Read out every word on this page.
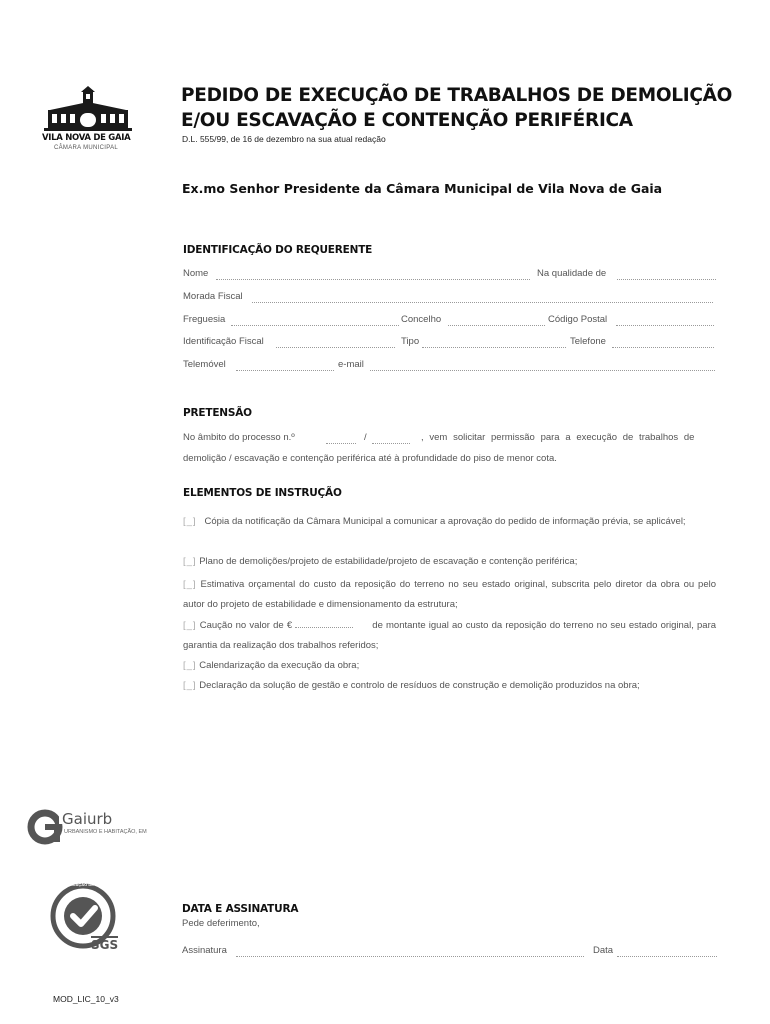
VILA NOVA DE GAIA
CÂMARA MUNICIPAL
PEDIDO DE EXECUÇÃO DE TRABALHOS DE DEMOLIÇÃO
E/OU ESCAVAÇÃO E CONTENÇÃO PERIFÉRICA
D.L. 555/99, de 16 de dezembro na sua atual redação
Ex.mo Senhor Presidente da Câmara Municipal de Vila Nova de Gaia
IDENTIFICAÇÃO DO REQUERENTE
Nome	Na qualidade de
Morada Fiscal
Freguesia	Concelho	Código Postal
Identificação Fiscal	Tipo	Telefone
Telemóvel	e-mail
PRETENSÃO
No âmbito do processo n.º	/	, vem solicitar permissão para a execução de trabalhos de
demolição / escavação e contenção periférica até à profundidade do piso de menor cota.
ELEMENTOS DE INSTRUÇÃO
[_] Cópia da notificação da Câmara Municipal a comunicar a aprovação do pedido de informação prévia, se aplicável;
[_] Plano de demolições/projeto de estabilidade/projeto de escavação e contenção periférica;
[_] Estimativa orçamental do custo da reposição do terreno no seu estado original, subscrita pelo diretor da obra ou pelo autor do projeto de estabilidade e dimensionamento da estrutura;
[_] Caução no valor de €	de montante igual ao custo da reposição do terreno no seu estado original, para garantia da realização dos trabalhos referidos;
[_] Calendarização da execução da obra;
[_] Declaração da solução de gestão e controlo de resíduos de construção e demolição produzidos na obra;
Gaiurb
URBANISMO E HABITAÇÃO, EM
CERTIFICAÇÃO DE SISTEMAS
ISO 9001
SGS
DATA E ASSINATURA
Pede deferimento,
Assinatura	Data
MOD_LIC_10_v3
